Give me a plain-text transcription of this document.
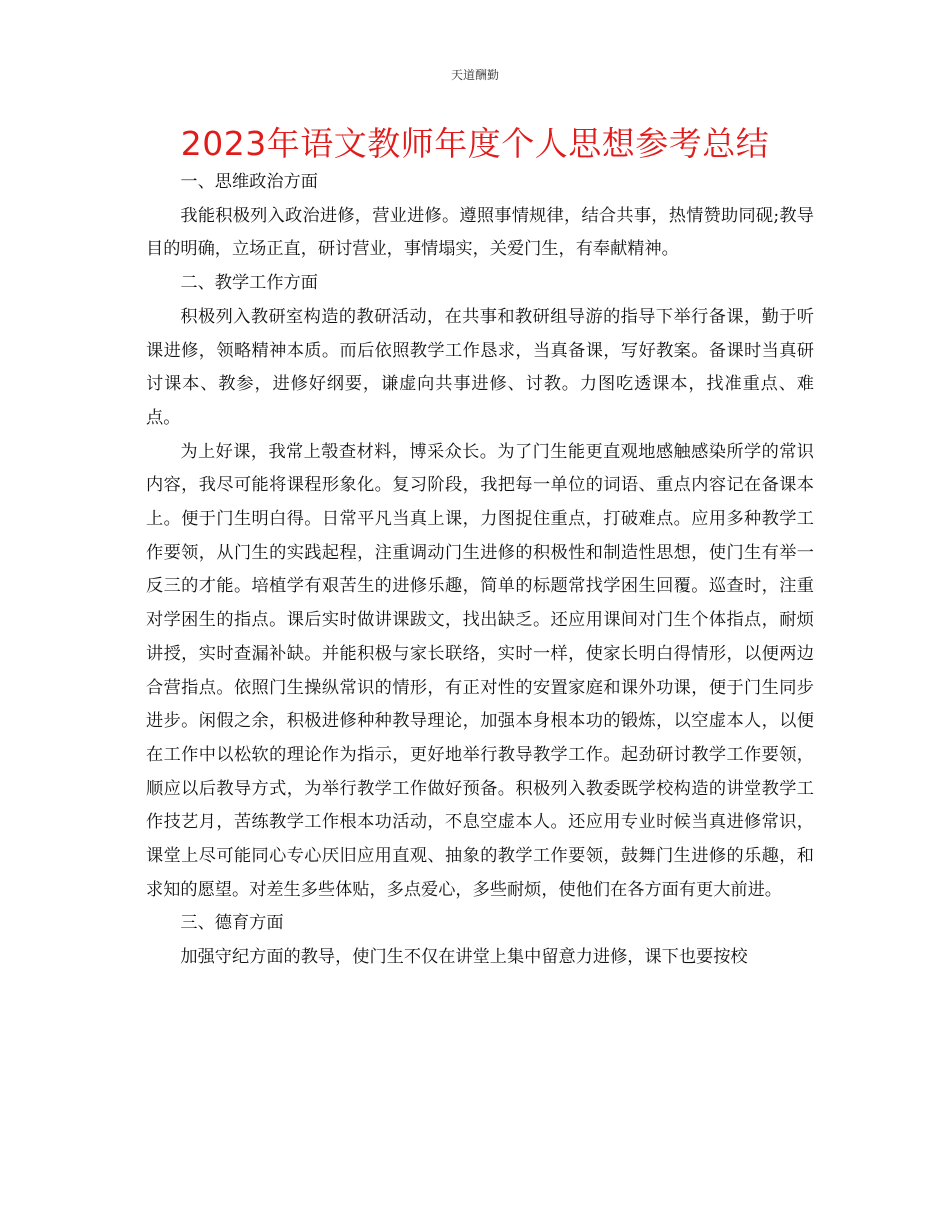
天道酬勤
2023年语文教师年度个人思想参考总结

一、思维政治方面

我能积极列入政治进修，营业进修。遵照事情规律，结合共事，热情赞助同砚;教导目的明确，立场正直，研讨营业，事情塌实，关爱门生，有奉献精神。

二、教学工作方面

积极列入教研室构造的教研活动，在共事和教研组导游的指导下举行备课，勤于听课进修，领略精神本质。而后依照教学工作恳求，当真备课，写好教案。备课时当真研讨课本、教参，进修好纲要，谦虚向共事进修、讨教。力图吃透课本，找准重点、难点。

为上好课，我常上彀查材料，博采众长。为了门生能更直观地感触感染所学的常识内容，我尽可能将课程形象化。复习阶段，我把每一单位的词语、重点内容记在备课本上。便于门生明白得。日常平凡当真上课，力图捉住重点，打破难点。应用多种教学工作要领，从门生的实践起程，注重调动门生进修的积极性和制造性思想，使门生有举一反三的才能。培植学有艰苦生的进修乐趣，简单的标题常找学困生回覆。巡查时，注重对学困生的指点。课后实时做讲课跋文，找出缺乏。还应用课间对门生个体指点，耐烦讲授，实时查漏补缺。并能积极与家长联络，实时一样，使家长明白得情形，以便两边合营指点。依照门生操纵常识的情形，有正对性的安置家庭和课外功课，便于门生同步进步。闲假之余，积极进修种种教导理论，加强本身根本功的锻炼，以空虚本人，以便在工作中以松软的理论作为指示，更好地举行教导教学工作。起劲研讨教学工作要领，顺应以后教导方式，为举行教学工作做好预备。积极列入教委既学校构造的讲堂教学工作技艺月，苦练教学工作根本功活动，不息空虚本人。还应用专业时候当真进修常识，课堂上尽可能同心专心厌旧应用直观、抽象的教学工作要领，鼓舞门生进修的乐趣，和求知的愿望。对差生多些体贴，多点爱心，多些耐烦，使他们在各方面有更大前进。

三、德育方面

加强守纪方面的教导，使门生不仅在讲堂上集中留意力进修，课下也要按校
